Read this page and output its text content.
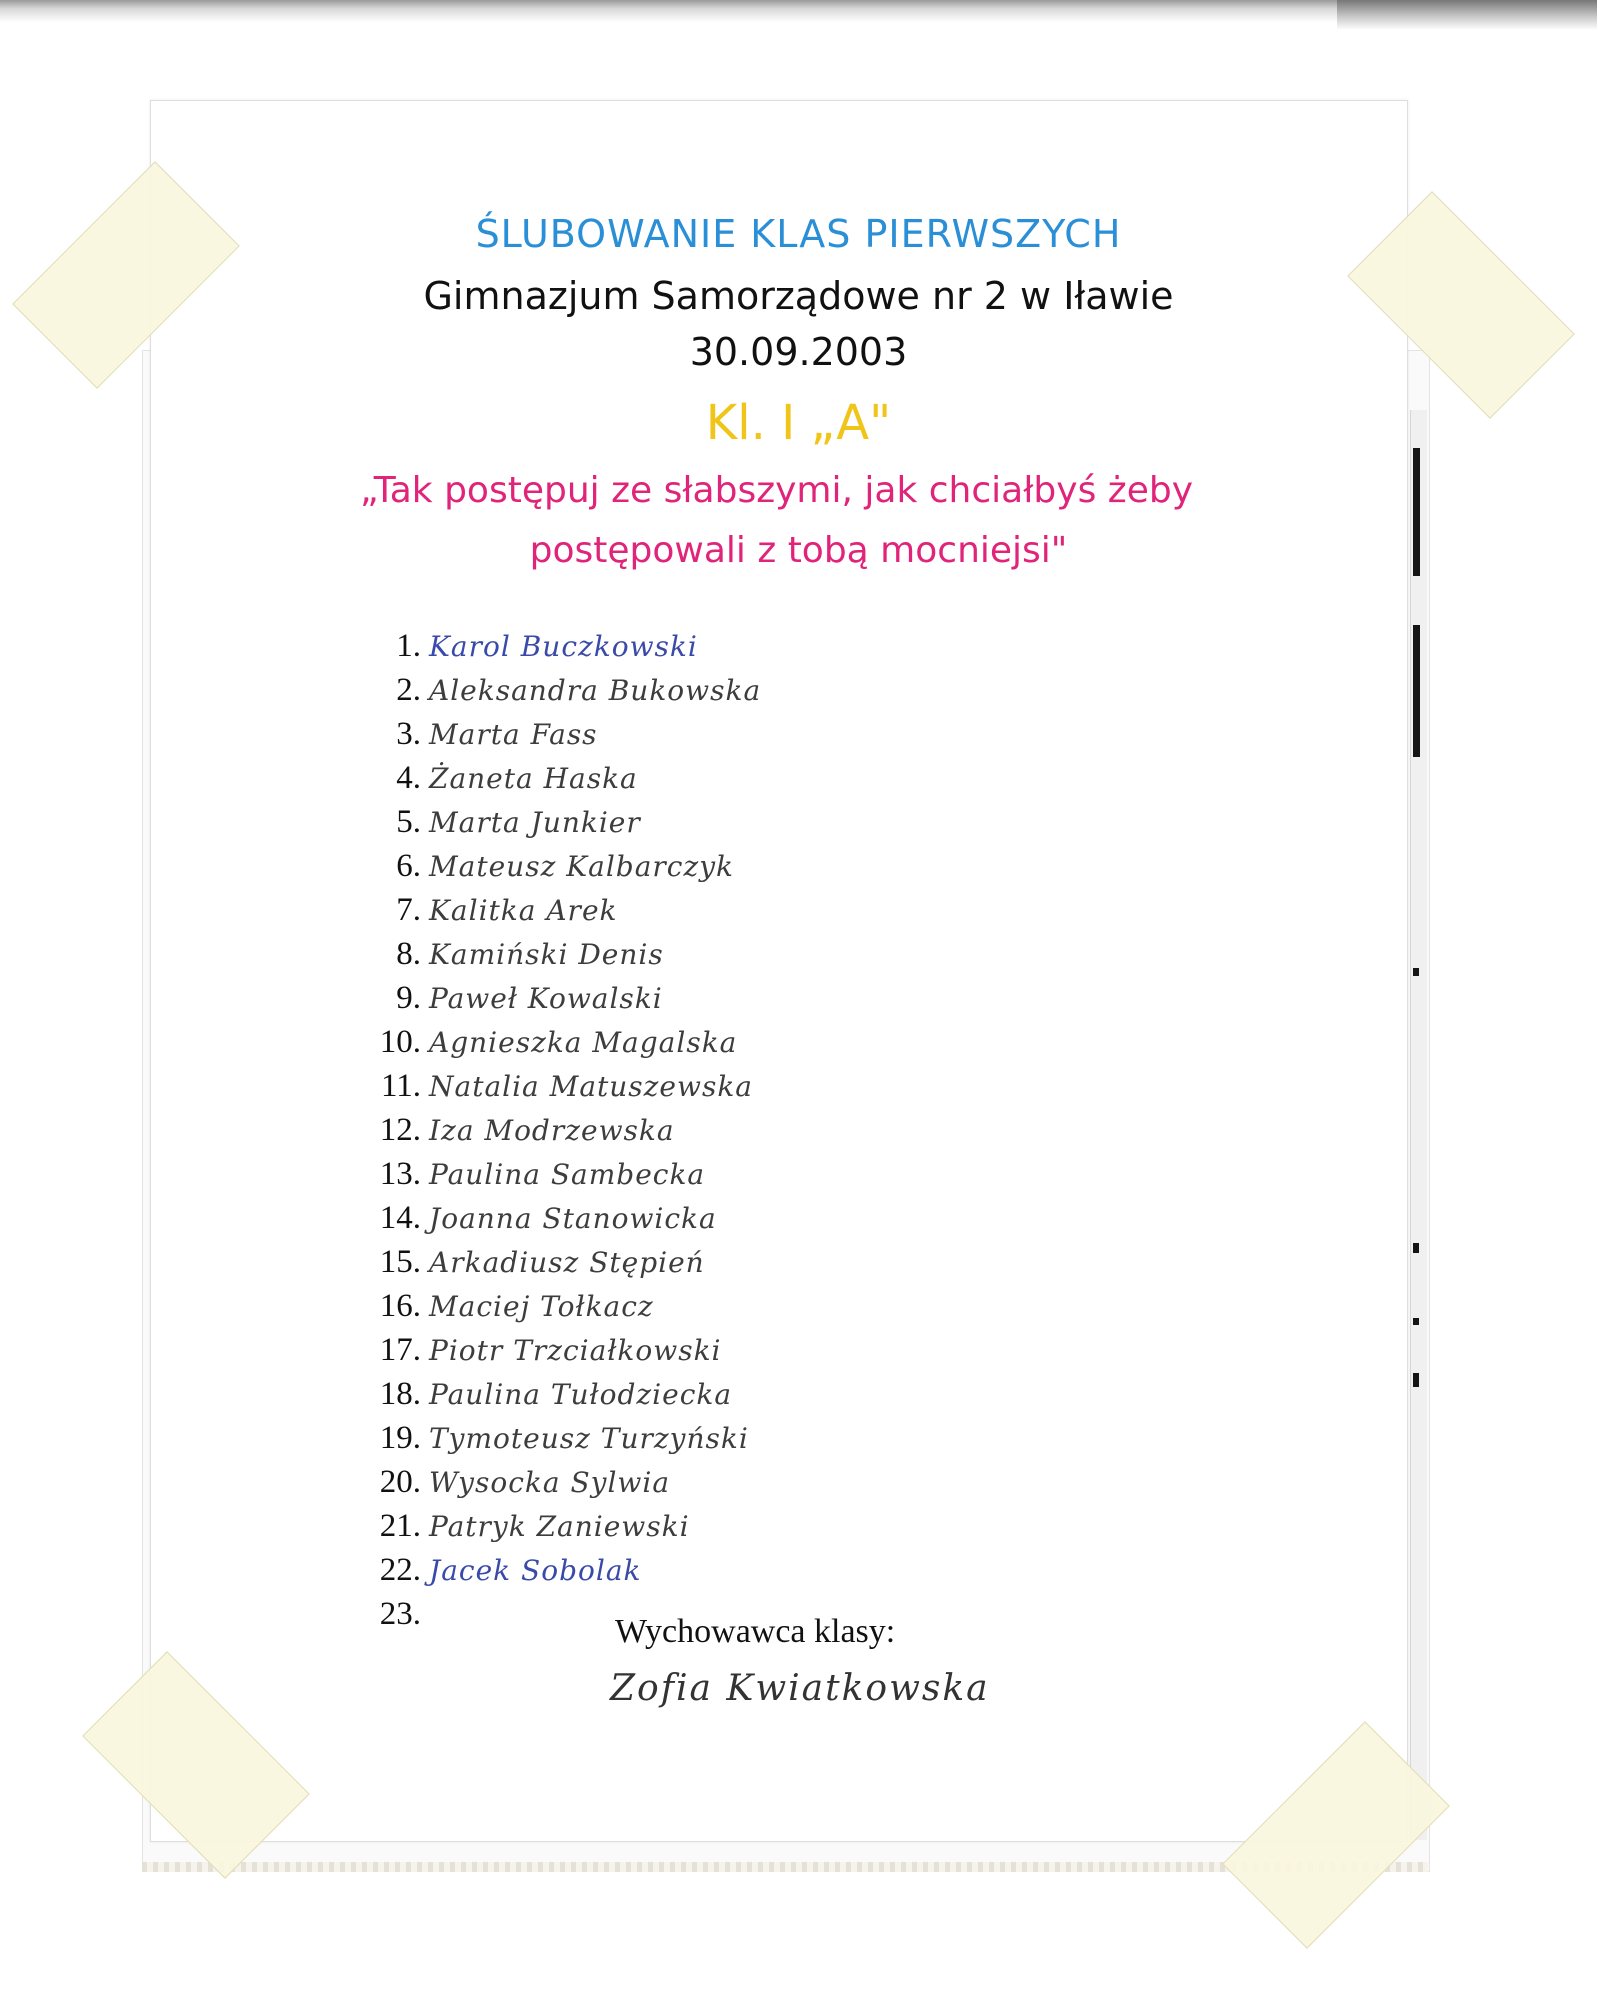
ŚLUBOWANIE KLAS PIERWSZYCH
Gimnazjum Samorządowe nr 2 w Iławie
30.09.2003
Kl. I „A"
„Tak postępuj ze słabszymi, jak chciałbyś żeby
postępowali z tobą mocniejsi"
1. Karol Buczkowski
2. Aleksandra Bukowska
3. Marta Fass
4. Żaneta Haska
5. Marta Junkier
6. Mateusz Kalbarczyk
7. Kalitka Arek
8. Kamiński Denis
9. Paweł Kowalski
10. Agnieszka Magalska
11. Natalia Matuszewska
12. Iza Modrzewska
13. Paulina Sambecka
14. Joanna Stanowicka
15. Arkadiusz Stępień
16. Maciej Tołkacz
17. Piotr Trzciałkowski
18. Paulina Tułodziecka
19. Tymoteusz Turzyński
20. Wysocka Sylwia
21. Patryk Zaniewski
22. Jacek Sobolak
23.	Wychowawca klasy:
Zofia Kwiatkowska
